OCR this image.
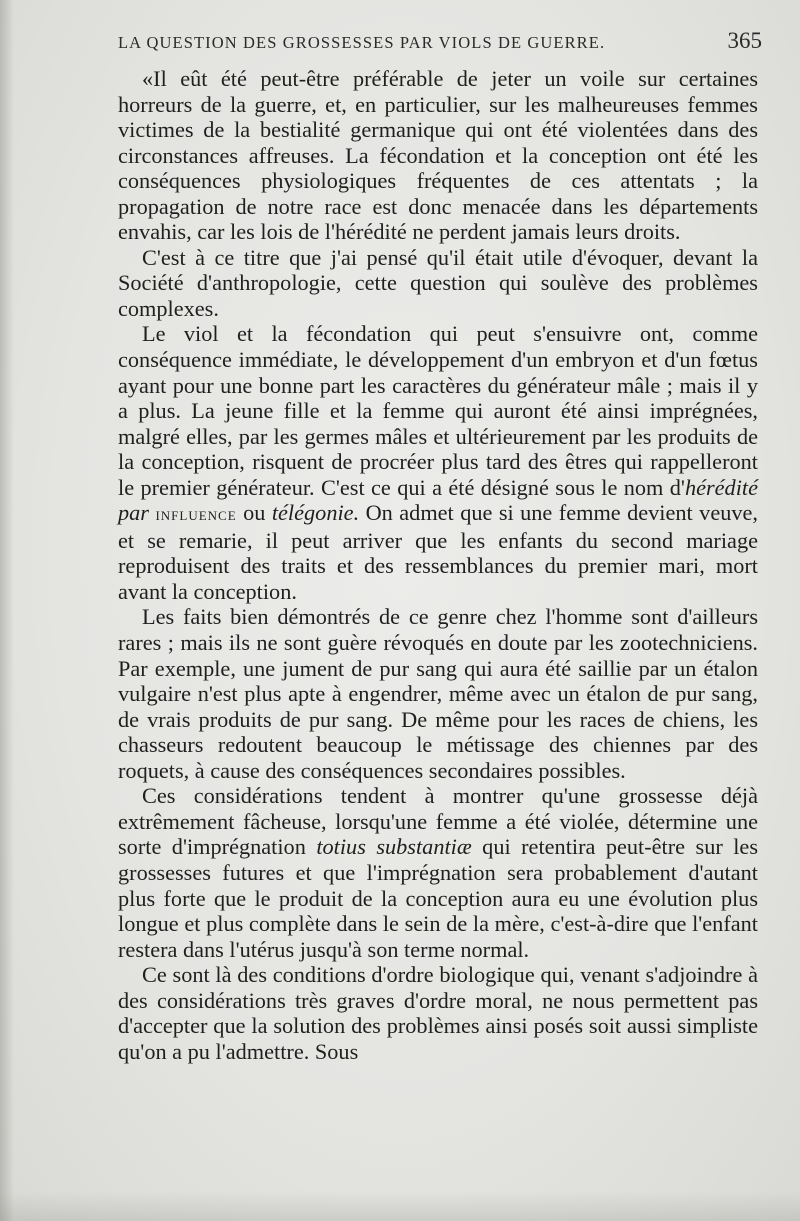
LA QUESTION DES GROSSESSES PAR VIOLS DE GUERRE.	365

«Il eût été peut-être préférable de jeter un voile sur certaines horreurs de la guerre, et, en particulier, sur les malheureuses femmes victimes de la bestialité germanique qui ont été violentées dans des circonstances affreuses. La fécondation et la conception ont été les conséquences physiologiques fréquentes de ces attentats ; la propagation de notre race est donc menacée dans les départements envahis, car les lois de l'hérédité ne perdent jamais leurs droits.

C'est à ce titre que j'ai pensé qu'il était utile d'évoquer, devant la Société d'anthropologie, cette question qui soulève des problèmes complexes.

Le viol et la fécondation qui peut s'ensuivre ont, comme conséquence immédiate, le développement d'un embryon et d'un fœtus ayant pour une bonne part les caractères du générateur mâle ; mais il y a plus. La jeune fille et la femme qui auront été ainsi imprégnées, malgré elles, par les germes mâles et ultérieurement par les produits de la conception, risquent de procréer plus tard des êtres qui rappelleront le premier générateur. C'est ce qui a été désigné sous le nom d'hérédité par influence ou télégonie. On admet que si une femme devient veuve, et se remarie, il peut arriver que les enfants du second mariage reproduisent des traits et des ressemblances du premier mari, mort avant la conception.

Les faits bien démontrés de ce genre chez l'homme sont d'ailleurs rares ; mais ils ne sont guère révoqués en doute par les zootechniciens. Par exemple, une jument de pur sang qui aura été saillie par un étalon vulgaire n'est plus apte à engendrer, même avec un étalon de pur sang, de vrais produits de pur sang. De même pour les races de chiens, les chasseurs redoutent beaucoup le métissage des chiennes par des roquets, à cause des conséquences secondaires possibles.

Ces considérations tendent à montrer qu'une grossesse déjà extrêmement fâcheuse, lorsqu'une femme a été violée, détermine une sorte d'imprégnation totius substantiæ qui retentira peut-être sur les grossesses futures et que l'imprégnation sera probablement d'autant plus forte que le produit de la conception aura eu une évolution plus longue et plus complète dans le sein de la mère, c'est-à-dire que l'enfant restera dans l'utérus jusqu'à son terme normal.

Ce sont là des conditions d'ordre biologique qui, venant s'adjoindre à des considérations très graves d'ordre moral, ne nous permettent pas d'accepter que la solution des problèmes ainsi posés soit aussi simpliste qu'on a pu l'admettre. Sous
